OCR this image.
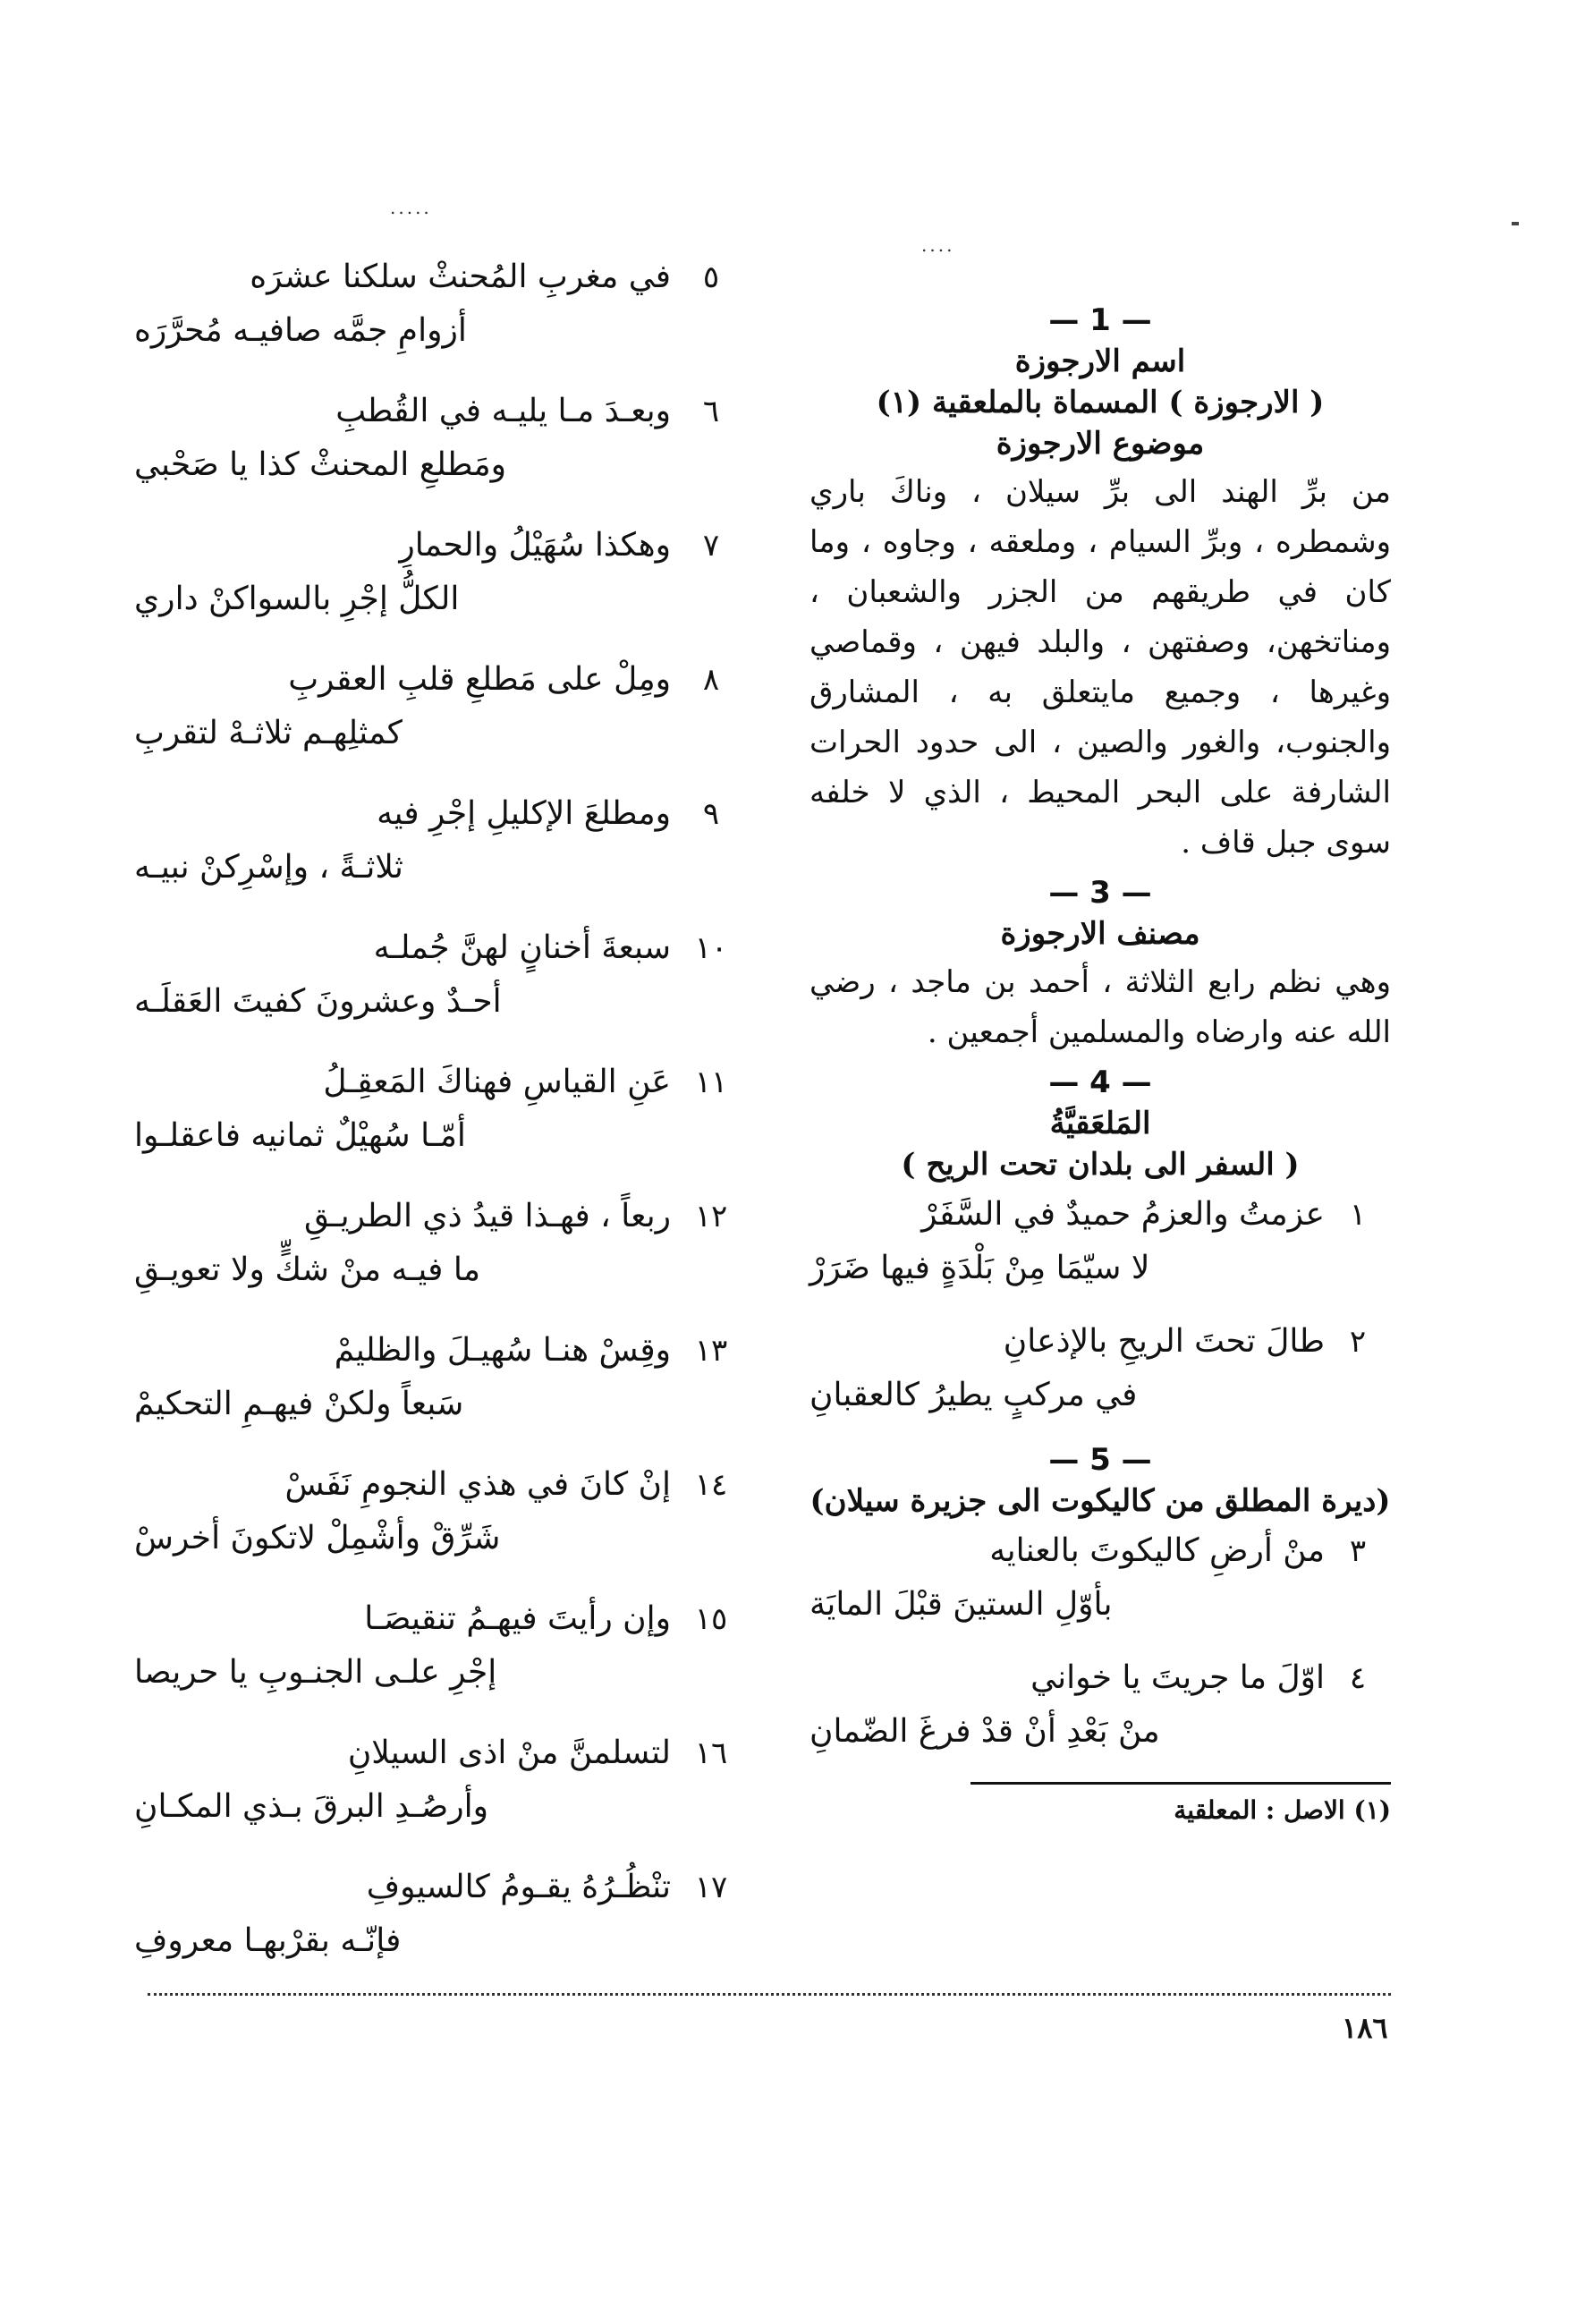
.....
....
— 1 —
اسم الارجوزة
( الارجوزة ) المسماة بالملعقية (١)
موضوع الارجوزة
من برِّ الهند الى برِّ سيلان ، وناكَ باري وشمطره ، وبرِّ السيام ، وملعقه ، وجاوه ، وما كان في طريقهم من الجزر والشعبان ، ومناتخهن، وصفتهن ، والبلد فيهن ، وقماصي وغيرها ، وجميع مايتعلق به ، المشارق والجنوب، والغور والصين ، الى حدود الحرات الشارفة على البحر المحيط ، الذي لا خلفه سوى جبل قاف .
— 3 —
مصنف الارجوزة
وهي نظم رابع الثلاثة ، أحمد بن ماجد ، رضي الله عنه وارضاه والمسلمين أجمعين .
— 4 —
المَلعَقيَّةُ
( السفر الى بلدان تحت الريح )
١
عزمتُ والعزمُ حميدٌ في السَّفَرْ
لا سيّمَا مِنْ بَلْدَةٍ فيها ضَرَرْ
٢
طالَ تحتَ الريحِ بالإذعانِ
في مركبٍ يطيرُ كالعقبانِ
— 5 —
(ديرة المطلق من كاليكوت الى جزيرة سيلان)
٣
منْ أرضِ كاليكوتَ بالعنايه
بأوّلِ الستينَ قبْلَ المايَة
٤
اوّلَ ما جريتَ يا خواني
منْ بَعْدِ أنْ قدْ فرغَ الضّمانِ
(١) الاصل : المعلقية
٥
في مغربِ المُحنثْ سلكنا عشرَه
أزوامِ جمَّه صافيـه مُحرَّرَه
٦
وبعـدَ مـا يليـه في القُطبِ
ومَطلعِ المحنثْ كذا يا صَحْبي
٧
وهكذا سُهَيْلُ والحمارِ
الكلُّ إجْرِ بالسواكنْ داري
٨
ومِلْ على مَطلعِ قلبِ العقربِ
كمثلِهـم ثلاثـهْ لتقربِ
٩
ومطلعَ الإكليلِ إجْرِ فيه
ثلاثـةً ، وإسْرِكنْ نبيـه
١٠
سبعةَ أخنانٍ لهنَّ جُملـه
أحـدٌ وعشرونَ كفيتَ العَقلَـه
١١
عَنِ القياسِ فهناكَ المَعقِـلُ
أمّـا سُهيْلٌ ثمانيه فاعقلـوا
١٢
ربعاً ، فهـذا قيدُ ذي الطريـقِ
ما فيـه منْ شكٍّ ولا تعويـقِ
١٣
وقِسْ هنـا سُهيـلَ والظليمْ
سَبعاً ولكنْ فيهـمِ التحكيمْ
١٤
إنْ كانَ في هذي النجومِ نَفَسْ
شَرِّقْ وأشْمِلْ لاتكونَ أخرسْ
١٥
وإن رأيتَ فيهـمُ تنقيصَـا
إجْرِ علـى الجنـوبِ يا حريصا
١٦
لتسلمنَّ منْ اذى السيلانِ
وأرصُـدِ البرقَ بـذي المكـانِ
١٧
تنْظُـرُهُ يقـومُ كالسيوفِ
فإنّـه بقرْبهـا معروفِ
١٨٦
